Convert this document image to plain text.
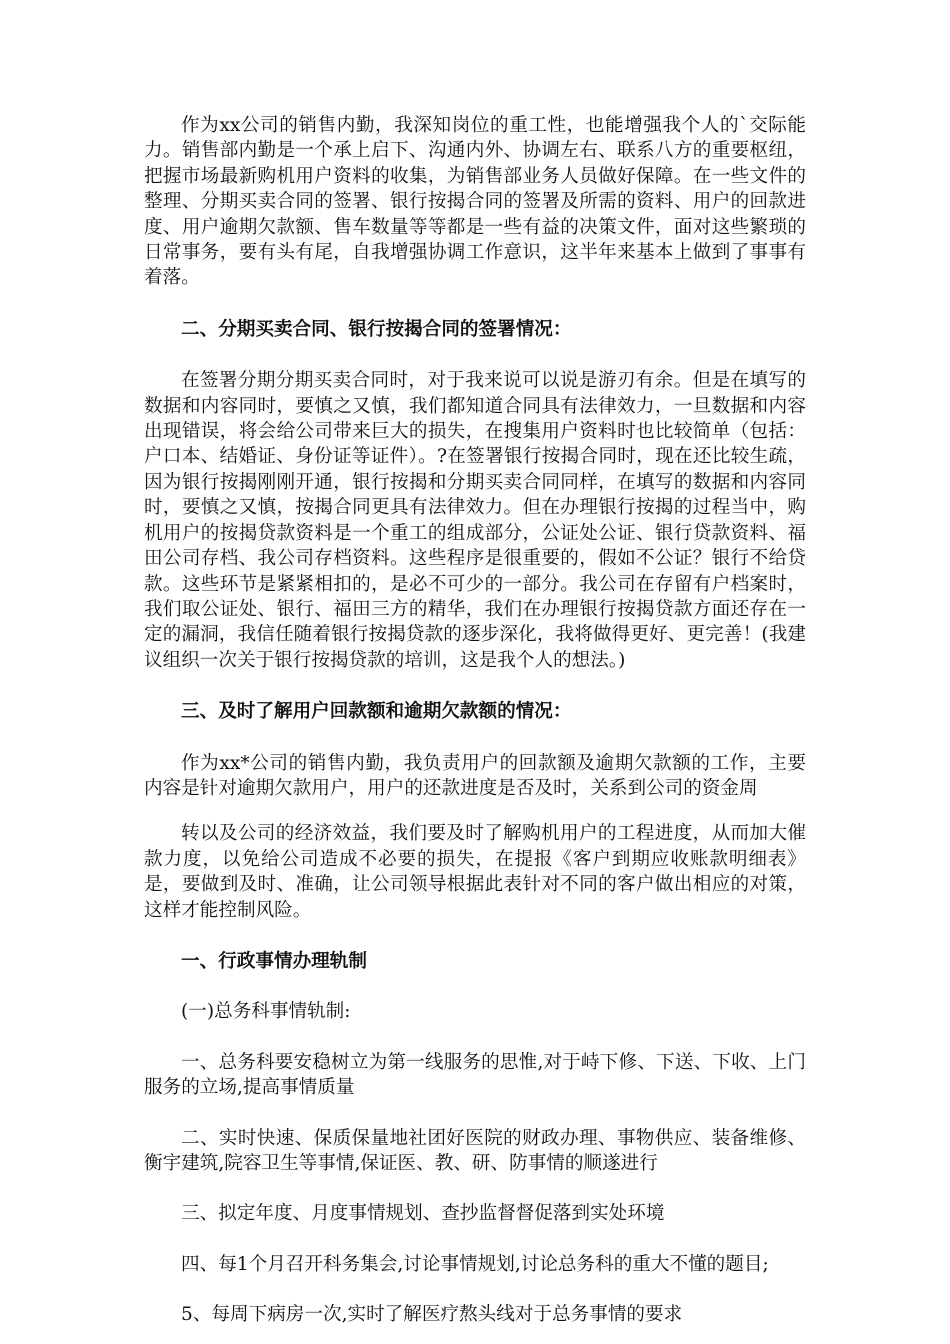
作为xx公司的销售内勤，我深知岗位的重工性，也能增强我个人的`交际能力。销售部内勤是一个承上启下、沟通内外、协调左右、联系八方的重要枢纽，把握市场最新购机用户资料的收集，为销售部业务人员做好保障。在一些文件的整理、分期买卖合同的签署、银行按揭合同的签署及所需的资料、用户的回款进度、用户逾期欠款额、售车数量等等都是一些有益的决策文件，面对这些繁琐的日常事务，要有头有尾，自我增强协调工作意识，这半年来基本上做到了事事有着落。

二、分期买卖合同、银行按揭合同的签署情况：

在签署分期分期买卖合同时，对于我来说可以说是游刃有余。但是在填写的数据和内容同时，要慎之又慎，我们都知道合同具有法律效力，一旦数据和内容出现错误，将会给公司带来巨大的损失，在搜集用户资料时也比较简单（包括：户口本、结婚证、身份证等证件）。?在签署银行按揭合同时，现在还比较生疏，因为银行按揭刚刚开通，银行按揭和分期买卖合同同样，在填写的数据和内容同时，要慎之又慎，按揭合同更具有法律效力。但在办理银行按揭的过程当中，购机用户的按揭贷款资料是一个重工的组成部分，公证处公证、银行贷款资料、福田公司存档、我公司存档资料。这些程序是很重要的，假如不公证？银行不给贷款。这些环节是紧紧相扣的，是必不可少的一部分。我公司在存留有户档案时，我们取公证处、银行、福田三方的精华，我们在办理银行按揭贷款方面还存在一定的漏洞，我信任随着银行按揭贷款的逐步深化，我将做得更好、更完善！(我建议组织一次关于银行按揭贷款的培训，这是我个人的想法。)

三、及时了解用户回款额和逾期欠款额的情况：

作为xx*公司的销售内勤，我负责用户的回款额及逾期欠款额的工作，主要内容是针对逾期欠款用户，用户的还款进度是否及时，关系到公司的资金周

转以及公司的经济效益，我们要及时了解购机用户的工程进度，从而加大催款力度，以免给公司造成不必要的损失，在提报《客户到期应收账款明细表》是，要做到及时、准确，让公司领导根据此表针对不同的客户做出相应的对策，这样才能控制风险。

一、行政事情办理轨制

(一)总务科事情轨制:

一、总务科要安稳树立为第一线服务的思惟,对于峙下修、下送、下收、上门服务的立场,提高事情质量

二、实时快速、保质保量地社团好医院的财政办理、事物供应、装备维修、衡宇建筑,院容卫生等事情,保证医、教、研、防事情的顺遂进行

三、拟定年度、月度事情规划、查抄监督督促落到实处环境

四、每1个月召开科务集会,讨论事情规划,讨论总务科的重大不懂的题目;

5、每周下病房一次,实时了解医疗熬头线对于总务事情的要求
